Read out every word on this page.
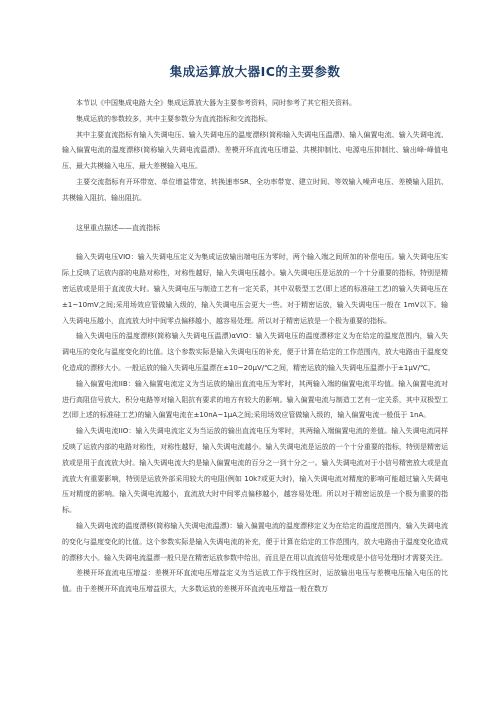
集成运算放大器IC的主要参数

本节以《中国集成电路大全》集成运算放大器为主要参考资料，同时参考了其它相关资料。

集成运放的参数较多，其中主要参数分为直流指标和交流指标。

其中主要直流指标有输入失调电压、输入失调电压的温度漂移(简称输入失调电压温漂)、输入偏置电流、输入失调电流、输入偏置电流的温度漂移(简称输入失调电流温漂)、差模开环直流电压增益、共模抑制比、电源电压抑制比、输出峰-峰值电压、最大共模输入电压、最大差模输入电压。

主要交流指标有开环带宽、单位增益带宽、转换速率SR、全功率带宽、建立时间、等效输入噪声电压、差模输入阻抗、共模输入阻抗、输出阻抗。

这里重点描述——直流指标

输入失调电压VIO：输入失调电压定义为集成运放输出端电压为零时，两个输入端之间所加的补偿电压。输入失调电压实际上反映了运放内部的电路对称性，对称性越好，输入失调电压越小。输入失调电压是运放的一个十分重要的指标，特别是精密运放或是用于直流放大时。输入失调电压与制造工艺有一定关系，其中双极型工艺(即上述的标准硅工艺)的输入失调电压在±1~10mV之间;采用场效应管做输入级的，输入失调电压会更大一些。对于精密运放，输入失调电压一般在 1mV以下。输入失调电压越小，直流放大时中间零点偏移越小，越容易处理。所以对于精密运放是一个极为重要的指标。

输入失调电压的温度漂移(简称输入失调电压温漂)αVIO：输入失调电压的温度漂移定义为在给定的温度范围内，输入失调电压的变化与温度变化的比值。这个参数实际是输入失调电压的补充，便于计算在给定的工作范围内，放大电路由于温度变化造成的漂移大小。一般运放的输入失调电压温漂在±10~20μV/℃之间，精密运放的输入失调电压温漂小于±1μV/℃。

输入偏置电流IIB：输入偏置电流定义为当运放的输出直流电压为零时，其两输入端的偏置电流平均值。输入偏置电流对进行高阻信号放大、积分电路等对输入阻抗有要求的地方有较大的影响。输入偏置电流与制造工艺有一定关系，其中双极型工艺(即上述的标准硅工艺)的输入偏置电流在±10nA~1μA之间;采用场效应管做输入级的，输入偏置电流一般低于 1nA。

输入失调电流IIO：输入失调电流定义为当运放的输出直流电压为零时，其两输入端偏置电流的差值。输入失调电流同样反映了运放内部的电路对称性，对称性越好，输入失调电流越小。输入失调电流是运放的一个十分重要的指标，特别是精密运放或是用于直流放大时。输入失调电流大约是输入偏置电流的百分之一到十分之一。输入失调电流对于小信号精密放大或是直流放大有重要影响，特别是运放外部采用较大的电阻(例如 10k?或更大时)，输入失调电流对精度的影响可能超过输入失调电压对精度的影响。输入失调电流越小，直流放大时中间零点偏移越小，越容易处理。所以对于精密运放是一个极为重要的指标。

输入失调电流的温度漂移(简称输入失调电流温漂)：输入偏置电流的温度漂移定义为在给定的温度范围内，输入失调电流的变化与温度变化的比值。这个参数实际是输入失调电流的补充，便于计算在给定的工作范围内，放大电路由于温度变化造成的漂移大小。输入失调电流温漂一般只是在精密运放参数中给出，而且是在用以直流信号处理或是小信号处理时才需要关注。

差模开环直流电压增益：差模开环直流电压增益定义为当运放工作于线性区时，运放输出电压与差模电压输入电压的比值。由于差模开环直流电压增益很大，大多数运放的差模开环直流电压增益一般在数万
